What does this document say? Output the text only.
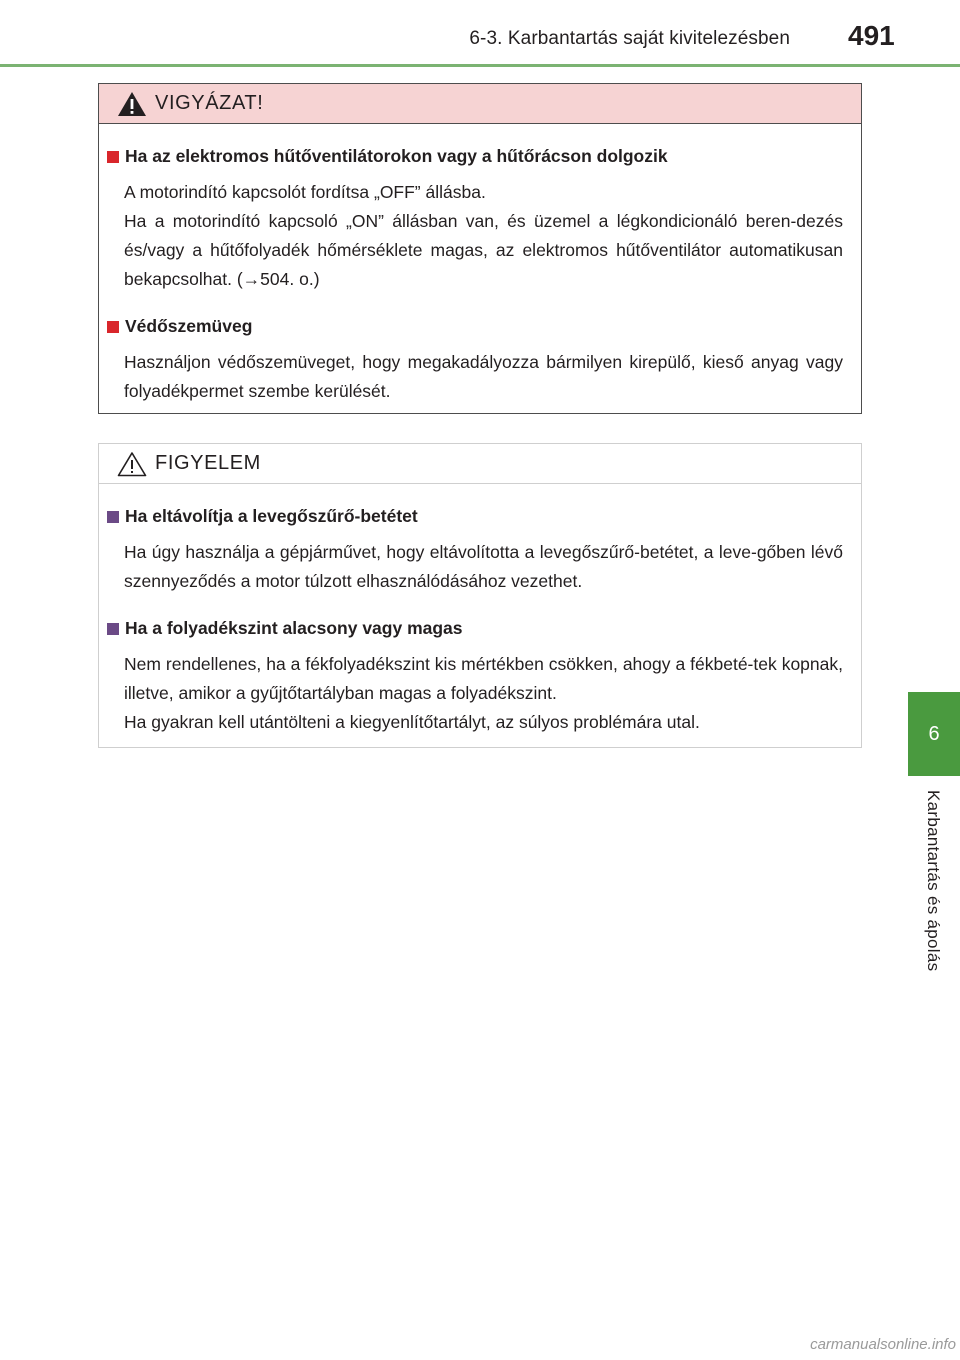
6-3. Karbantartás saját kivitelezésben 491
6
Karbantartás és ápolás
VIGYÁZAT!
Ha az elektromos hűtőventilátorokon vagy a hűtőrácson dolgozik

A motorindító kapcsolót fordítsa „OFF” állásba.

Ha a motorindító kapcsoló „ON” állásban van, és üzemel a légkondicionáló beren-dezés és/vagy a hűtőfolyadék hőmérséklete magas, az elektromos hűtőventilátor automatikusan bekapcsolhat. (→504. o.)

Védőszemüveg

Használjon védőszemüveget, hogy megakadályozza bármilyen kirepülő, kieső anyag vagy folyadékpermet szembe kerülését.

FIGYELEM
Ha eltávolítja a levegőszűrő-betétet

Ha úgy használja a gépjárművet, hogy eltávolította a levegőszűrő-betétet, a leve-gőben lévő szennyeződés a motor túlzott elhasználódásához vezethet.

Ha a folyadékszint alacsony vagy magas

Nem rendellenes, ha a fékfolyadékszint kis mértékben csökken, ahogy a fékbeté-tek kopnak, illetve, amikor a gyűjtőtartályban magas a folyadékszint.

Ha gyakran kell utántölteni a kiegyenlítőtartályt, az súlyos problémára utal.

carmanualsonline.info
